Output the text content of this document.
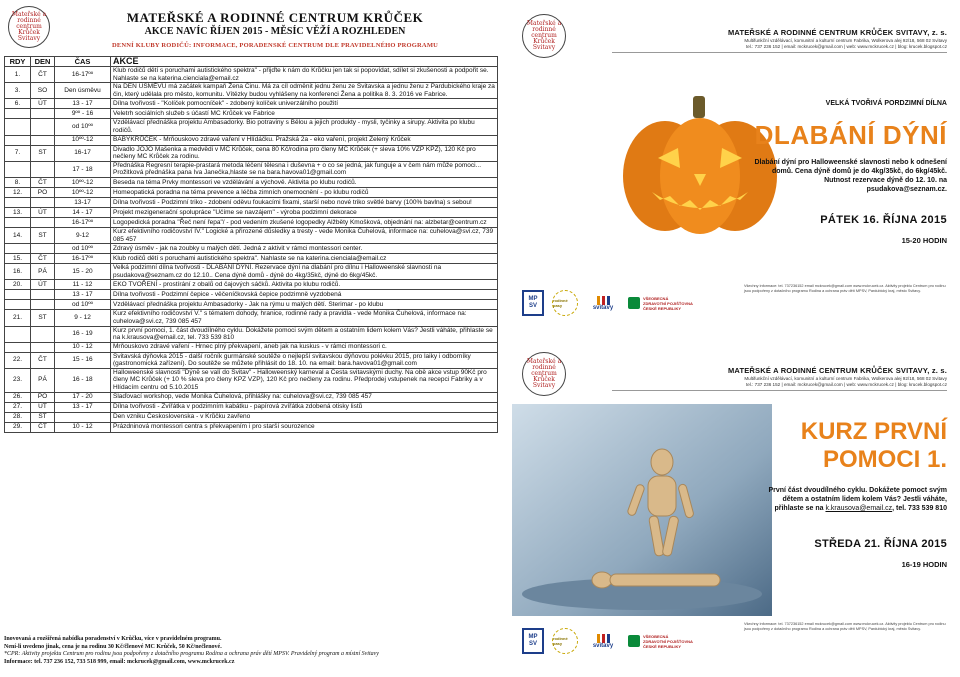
Mateřské a rodinné centrum Krůček Svitavy
MATEŘSKÉ A RODINNÉ CENTRUM KRŮČEK
AKCE NAVÍC ŘÍJEN 2015 - MĚSÍC VĚŽÍ A ROZHLEDEN
DENNÍ KLUBY RODIČŮ: INFORMACE, PORADENSKÉ CENTRUM DLE PRAVIDELNÉHO PROGRAMU
RDY	DEN	ČAS	AKCE
1.	ČT	16-17ºº	Klub rodičů dětí s poruchami autistického spektra" - přijďte k nám do Krůčku jen tak si popovídat, sdílet si zkušenosti a podpořit se. Nahlaste se na katerina.cienciala@email.cz
3.	SO	Den úsměvu	Na DEN ÚSMĚVU má začátek kampaň Žena Činu. Má za cíl odměnit jednu ženu ze Svitavska a jednu ženu z Pardubického kraje za čin, který udělala pro město, komunitu. Vítězky budou vyhlášeny na konferenci Žena a politika 8. 3. 2016 ve Fabrice.
6.	ÚT	13 - 17	Dílna tvořivosti - "Kolíček pomocníček" - zdobený kolíček univerzálního použití
		9ºº - 16	Veletrh sociálních služeb s účastí MC Krůček ve Fabrice
		od 10ºº	Vzdělávací přednáška projektu Ambasadorky. Bio potraviny s Bělou a jejich produkty - mysli, tyčinky a sirupy. Aktivita po klubu rodičů.
		10ºº-12	BABYKRŮČEK - Mrňouskovo zdravé vaření v Hlídáčku. Pražská 2a - eko vaření, projekt Zelený Krůček
7.	ST	16-17	Divadlo JOJO Mašenka a medvědi v MC Krůček, cena 80 Kč/rodina pro členy MC Krůček (+ sleva 10% VZP KPZ), 120 Kč pro nečleny MC Krůček za rodinu.
		17 - 18	Přednáška Regresní terapie-prastará metoda léčení tělesna i duševna + o co se jedná, jak funguje a v čem nám může pomoci... Prožitková přednáška pana Iva Janečka,hlaste se na bara.havova01@gmail.com
8.	ČT	10ºº-12	Beseda na téma Prvky montessori ve vzdělávání a výchově. Aktivita po klubu rodičů.
12.	PO	10ºº-12	Homeopatická poradna na téma prevence a léčba zimních onemocnění - po klubu rodičů
		13-17	Dílna tvořivosti - Podzimní triko - zdobení oděvu foukacími fixami, starší nebo nové triko světlé barvy (100% bavlna) s sebou!
13.	ÚT	14 - 17	Projekt mezigenerační spolupráce "Učíme se navzájem" - výroba podzimní dekorace
		16-17ºº	Logopedická poradna "Řeč není řepa"/ - pod vedením zkušené logopedky Alžběty Kmošková, objednání na: alzbetar@centrum.cz
14.	ST	9-12	Kurz efektivního rodičovství IV." Logické a přirozené důsledky a tresty - vede Monika Čuhelová, informace na: cuhelova@svi.cz, 739 085 457
		od 10ºº	Zdravý úsměv - jak na zoubky u malých dětí. Jedná z aktivit v rámci montessori center.
15.	ČT	16-17ºº	Klub rodičů dětí s poruchami autistického spektra". Nahlaste se na katerina.cienciala@email.cz
16.	PÁ	15 - 20	Velká podzimní dílna tvořivosti - DLABÁNÍ DÝNÍ. Rezervace dýní na dlabání pro dílnu i Halloweenské slavnosti na psudakova@seznam.cz do 12.10.. Cena dýně domů - dýně do 4kg/35kč, dýně do 6kg/45kč.
20.	ÚT	11 - 12	EKO TVOŘENÍ - prostírání z obalů od čajových sáčků. Aktivita po klubu rodičů.
		13 - 17	Dílna tvořivosti - Podzimní čepice - věčeníčkovská čepice podzimně vyzdobená
		od 10ºº	Vzdělávací přednáška projektu Ambasadorky - Jak na rýmu u malých dětí. Sterimar - po klubu
21.	ST	9 - 12	Kurz efektivního rodičovství V." s tématem dohody, hranice, rodinné rady a pravidla - vede Monika Čuhelová, informace na: cuhelova@svi.cz, 739 085 457
		16 - 19	Kurz první pomoci, 1. část dvoudílného cyklu. Dokážete pomoci svým dětem a ostatním lidem kolem Vás? Jestli váháte, přihlaste se na k.krausova@email.cz, tel. 733 539 810
		10 - 12	Mrňouskovo zdravé vaření - Hrnec plný překvapení, aneb jak na kuskus - v rámci montessori c.
22.	ČT	15 - 16	Svitavská dýňovka 2015 - další ročník gurmánské soutěže o nejlepší svitavskou dýňovou polévku 2015, pro laiky i odborníky (gastronomická zařízení). Do soutěže se můžete přihlásit do 18. 10. na email: bara.havova01@gmail.com
23.	PÁ	16 - 18	Halloweenské slavnosti "Dýně se valí do Svitav" - Halloweenský karneval a Cesta svitavskými duchy. Na obě akce vstup 90Kč pro členy MC Krůček (+ 10 % sleva pro členy KPZ VZP), 120 Kč pro nečleny za rodinu. Předprodej vstupenek na recepci Fabriky a v Hlídacím centru od 5.10.2015
26.	PO	17 - 20	Slaďovací workshop, vede Monika Čuhelová, přihlášky na: cuhelova@svi.cz, 739 085 457
27.	ÚT	13 - 17	Dílna tvořivosti - Zvířátka v podzimním kabátku - papírová zvířátka zdobená otisky listů
28.	ST		Den vzniku Československa - v Krůčku zavřeno
29.	ČT	10 - 12	Prázdninová montessori centra s překvapením i pro starší sourozence
Inovovaná a rozšířená nabídka poradenství v Krůčku, více v pravidelném programu.
Není-li uvedeno jinak, cena je na rodinu 30 Kč/členové MC Krůček, 50 Kč/nečlenové.
*CPR: Aktivity projektu Centrum pro rodinu jsou podpořeny z dotačního programu Rodina a ochrana práv dětí MPSV. Pravidelný program a místní Svitavy
Informace: tel. 737 236 152, 733 518 999, email: mckrucek@gmail.com, www.mckrucek.cz
Mateřské a rodinné centrum Krůček Svitavy
MATEŘSKÉ A RODINNÉ CENTRUM KRŮČEK SVITAVY, z. s.
Multifunkční vzdělávací, komunitní a kulturní centrum Fabrika, Wolkerova alej 92/18, 568 02 Svitavy
tel.: 737 236 152 | email: mckrucek@gmail.com | web: www.mckrucek.cz | blog: krucek.blogspot.cz
VELKÁ TVOŘIVÁ PORDZIMNÍ DÍLNA
DLABÁNÍ DÝNÍ
Dlabání dýní pro Halloweenské slavnosti nebo k odnešení domů. Cena dýně domů je do 4kg/35kč, do 6kg/45kč. Nutnost rezervace dýně do 12. 10. na psudakova@seznam.cz.
PÁTEK 16. ŘÍJNA 2015
15-20 HODIN
MP
SV
rodinné pasy	svitavy
VŠEOBECNÁ
ZDRAVOTNÍ POJIŠŤOVNA
ČESKÉ REPUBLIKY
Všechny informace: tel. 737236152 email mckrucek@gmail.com www.mckrucek.cz. Aktivity projektu Centrum pro rodinu jsou podpořeny z dotačního programu Rodina a ochrana práv dětí MPSV, Pardubický kraj, město Svitavy.
Mateřské a rodinné centrum Krůček Svitavy
MATEŘSKÉ A RODINNÉ CENTRUM KRŮČEK SVITAVY, z. s.
Multifunkční vzdělávací, komunitní a kulturní centrum Fabrika, Wolkerova alej 92/18, 568 02 Svitavy
tel.: 737 236 152 | email: mckrucek@gmail.com | web: www.mckrucek.cz | blog: krucek.blogspot.cz
KURZ PRVNÍ
POMOCI 1.
První část dvoudílného cyklu. Dokážete pomoct svým dětem a ostatním lidem kolem Vás? Jestli váháte, přihlaste se na k.krausova@email.cz, tel. 733 539 810
STŘEDA 21. ŘÍJNA 2015
16-19 HODIN
MP
SV
rodinné pasy	svitavy
VŠEOBECNÁ
ZDRAVOTNÍ POJIŠŤOVNA
ČESKÉ REPUBLIKY
Všechny informace: tel. 737236152 email mckrucek@gmail.com www.mckrucek.cz. Aktivity projektu Centrum pro rodinu jsou podpořeny z dotačního programu Rodina a ochrana práv dětí MPSV, Pardubický kraj, město Svitavy.
